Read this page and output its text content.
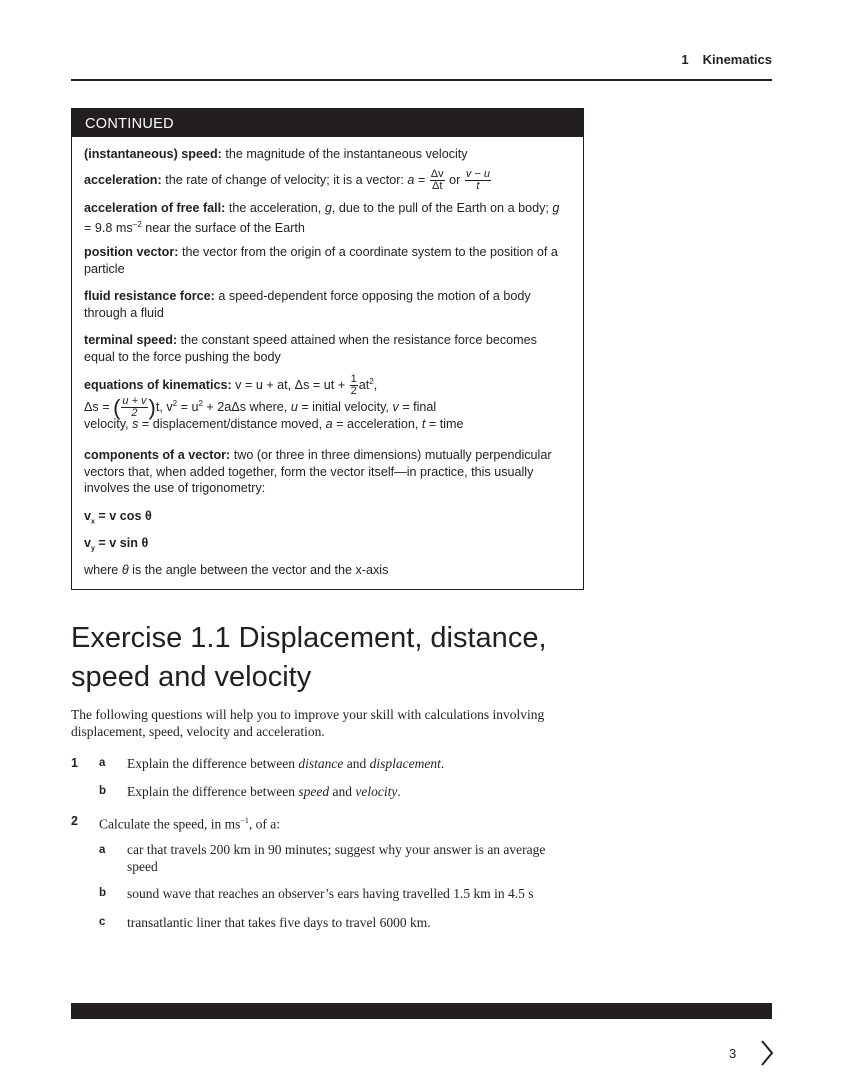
1 Kinematics
CONTINUED
(instantaneous) speed: the magnitude of the instantaneous velocity
acceleration: the rate of change of velocity; it is a vector: $a = \frac{\Delta v}{\Delta t}$ or $\frac{v - u}{t}$
acceleration of free fall: the acceleration, g, due to the pull of the Earth on a body; g = 9.8 $ms^{-2}$ near the surface of the Earth
position vector: the vector from the origin of a coordinate system to the position of a particle
fluid resistance force: a speed-dependent force opposing the motion of a body through a fluid
terminal speed: the constant speed attained when the resistance force becomes equal to the force pushing the body
equations of kinematics: v = u + at, Δs = ut + $\frac{1}{2} at^2$,
Δs = ( $\frac{u + v}{2} )t$, $v^2 = u^2 + 2a\Delta s$ where, u = initial velocity, v = final
velocity, s = displacement/distance moved, a = acceleration, t = time
components of a vector: two (or three in three dimensions) mutually perpendicular vectors that, when added together, form the vector itself—in practice, this usually involves the use of trigonometry:
$v_x = v$ cos θ
$v_y = v$ sin θ
where θ is the angle between the vector and the x-axis
Exercise 1.1 Displacement, distance, speed and velocity
The following questions will help you to improve your skill with calculations involving displacement, speed, velocity and acceleration.
1 a Explain the difference between distance and displacement.
b Explain the difference between speed and velocity.
2 Calculate the speed, in $ms^{-1}$, of a:
a car that travels 200 km in 90 minutes; suggest why your answer is an average speed
b sound wave that reaches an observer’s ears having travelled 1.5 km in 4.5 s
c transatlantic liner that takes five days to travel 6000 km.
3
